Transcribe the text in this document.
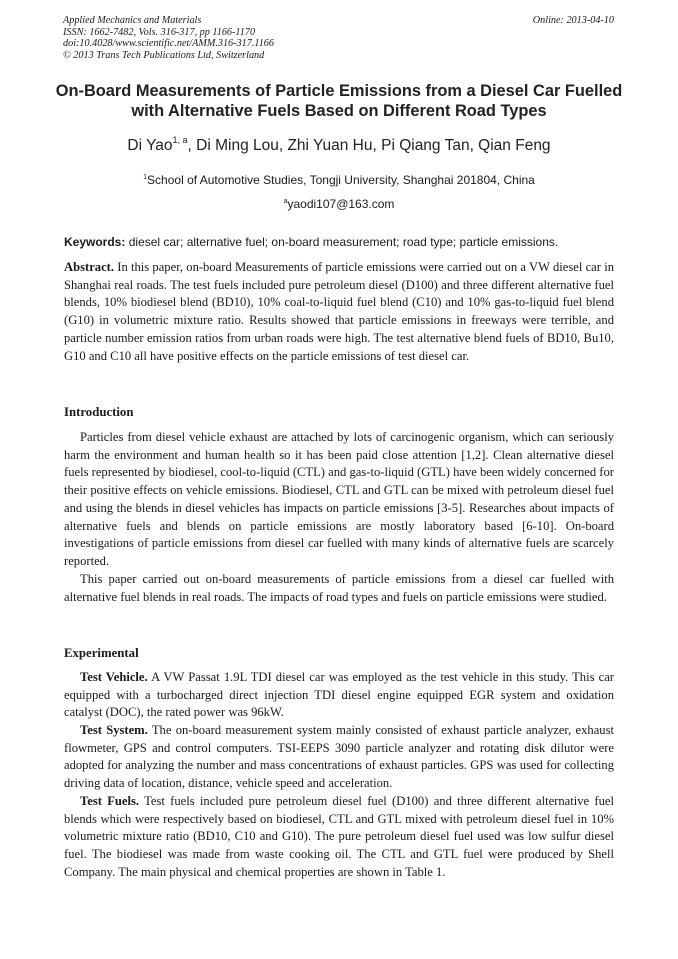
Applied Mechanics and Materials
ISSN: 1662-7482, Vols. 316-317, pp 1166-1170
doi:10.4028/www.scientific.net/AMM.316-317.1166
© 2013 Trans Tech Publications Ltd, Switzerland
Online: 2013-04-10
On-Board Measurements of Particle Emissions from a Diesel Car Fuelled with Alternative Fuels Based on Different Road Types
Di Yao$^{1, a}$, Di Ming Lou, Zhi Yuan Hu, Pi Qiang Tan, Qian Feng
$^1$School of Automotive Studies, Tongji University, Shanghai 201804, China
$^a$yaodi107@163.com
Keywords: diesel car; alternative fuel; on-board measurement; road type; particle emissions.

Abstract. In this paper, on-board Measurements of particle emissions were carried out on a VW diesel car in Shanghai real roads. The test fuels included pure petroleum diesel (D100) and three different alternative fuel blends, 10% biodiesel blend (BD10), 10% coal-to-liquid fuel blend (C10) and 10% gas-to-liquid fuel blend (G10) in volumetric mixture ratio. Results showed that particle emissions in freeways were terrible, and particle number emission ratios from urban roads were high. The test alternative blend fuels of BD10, Bu10, G10 and C10 all have positive effects on the particle emissions of test diesel car.

Introduction

Particles from diesel vehicle exhaust are attached by lots of carcinogenic organism, which can seriously harm the environment and human health so it has been paid close attention [1,2]. Clean alternative diesel fuels represented by biodiesel, cool-to-liquid (CTL) and gas-to-liquid (GTL) have been widely concerned for their positive effects on vehicle emissions. Biodiesel, CTL and GTL can be mixed with petroleum diesel fuel and using the blends in diesel vehicles has impacts on particle emissions [3-5]. Researches about impacts of alternative fuels and blends on particle emissions are mostly laboratory based [6-10]. On-board investigations of particle emissions from diesel car fuelled with many kinds of alternative fuels are scarcely reported.

This paper carried out on-board measurements of particle emissions from a diesel car fuelled with alternative fuel blends in real roads. The impacts of road types and fuels on particle emissions were studied.

Experimental

Test Vehicle. A VW Passat 1.9L TDI diesel car was employed as the test vehicle in this study. This car equipped with a turbocharged direct injection TDI diesel engine equipped EGR system and oxidation catalyst (DOC), the rated power was 96kW.

Test System. The on-board measurement system mainly consisted of exhaust particle analyzer, exhaust flowmeter, GPS and control computers. TSI-EEPS 3090 particle analyzer and rotating disk dilutor were adopted for analyzing the number and mass concentrations of exhaust particles. GPS was used for collecting driving data of location, distance, vehicle speed and acceleration.

Test Fuels. Test fuels included pure petroleum diesel fuel (D100) and three different alternative fuel blends which were respectively based on biodiesel, CTL and GTL mixed with petroleum diesel fuel in 10% volumetric mixture ratio (BD10, C10 and G10). The pure petroleum diesel fuel used was low sulfur diesel fuel. The biodiesel was made from waste cooking oil. The CTL and GTL fuel were produced by Shell Company. The main physical and chemical properties are shown in Table 1.
